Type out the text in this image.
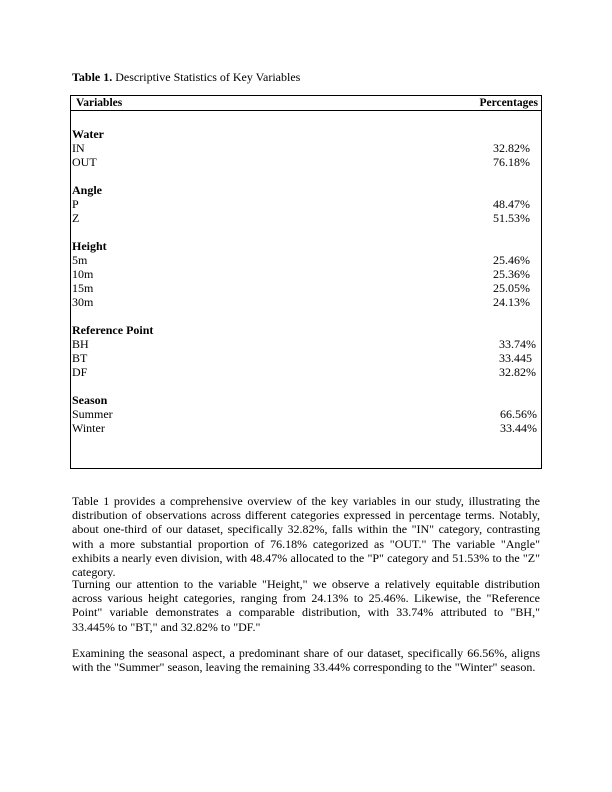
Table 1. Descriptive Statistics of Key Variables
Variables	Percentages
Water
IN	32.82%
OUT	76.18%
Angle
P	48.47%
Z	51.53%
Height
5m	25.46%
10m	25.36%
15m	25.05%
30m	24.13%
Reference Point
BH	33.74%
BT	33.445
DF	32.82%
Season
Summer	66.56%
Winter	33.44%

Table 1 provides a comprehensive overview of the key variables in our study, illustrating the distribution of observations across different categories expressed in percentage terms. Notably, about one-third of our dataset, specifically 32.82%, falls within the "IN" category, contrasting with a more substantial proportion of 76.18% categorized as "OUT." The variable "Angle" exhibits a nearly even division, with 48.47% allocated to the "P" category and 51.53% to the "Z" category.

Turning our attention to the variable "Height," we observe a relatively equitable distribution across various height categories, ranging from 24.13% to 25.46%. Likewise, the "Reference Point" variable demonstrates a comparable distribution, with 33.74% attributed to "BH," 33.445% to "BT," and 32.82% to "DF."

Examining the seasonal aspect, a predominant share of our dataset, specifically 66.56%, aligns with the "Summer" season, leaving the remaining 33.44% corresponding to the "Winter" season.
